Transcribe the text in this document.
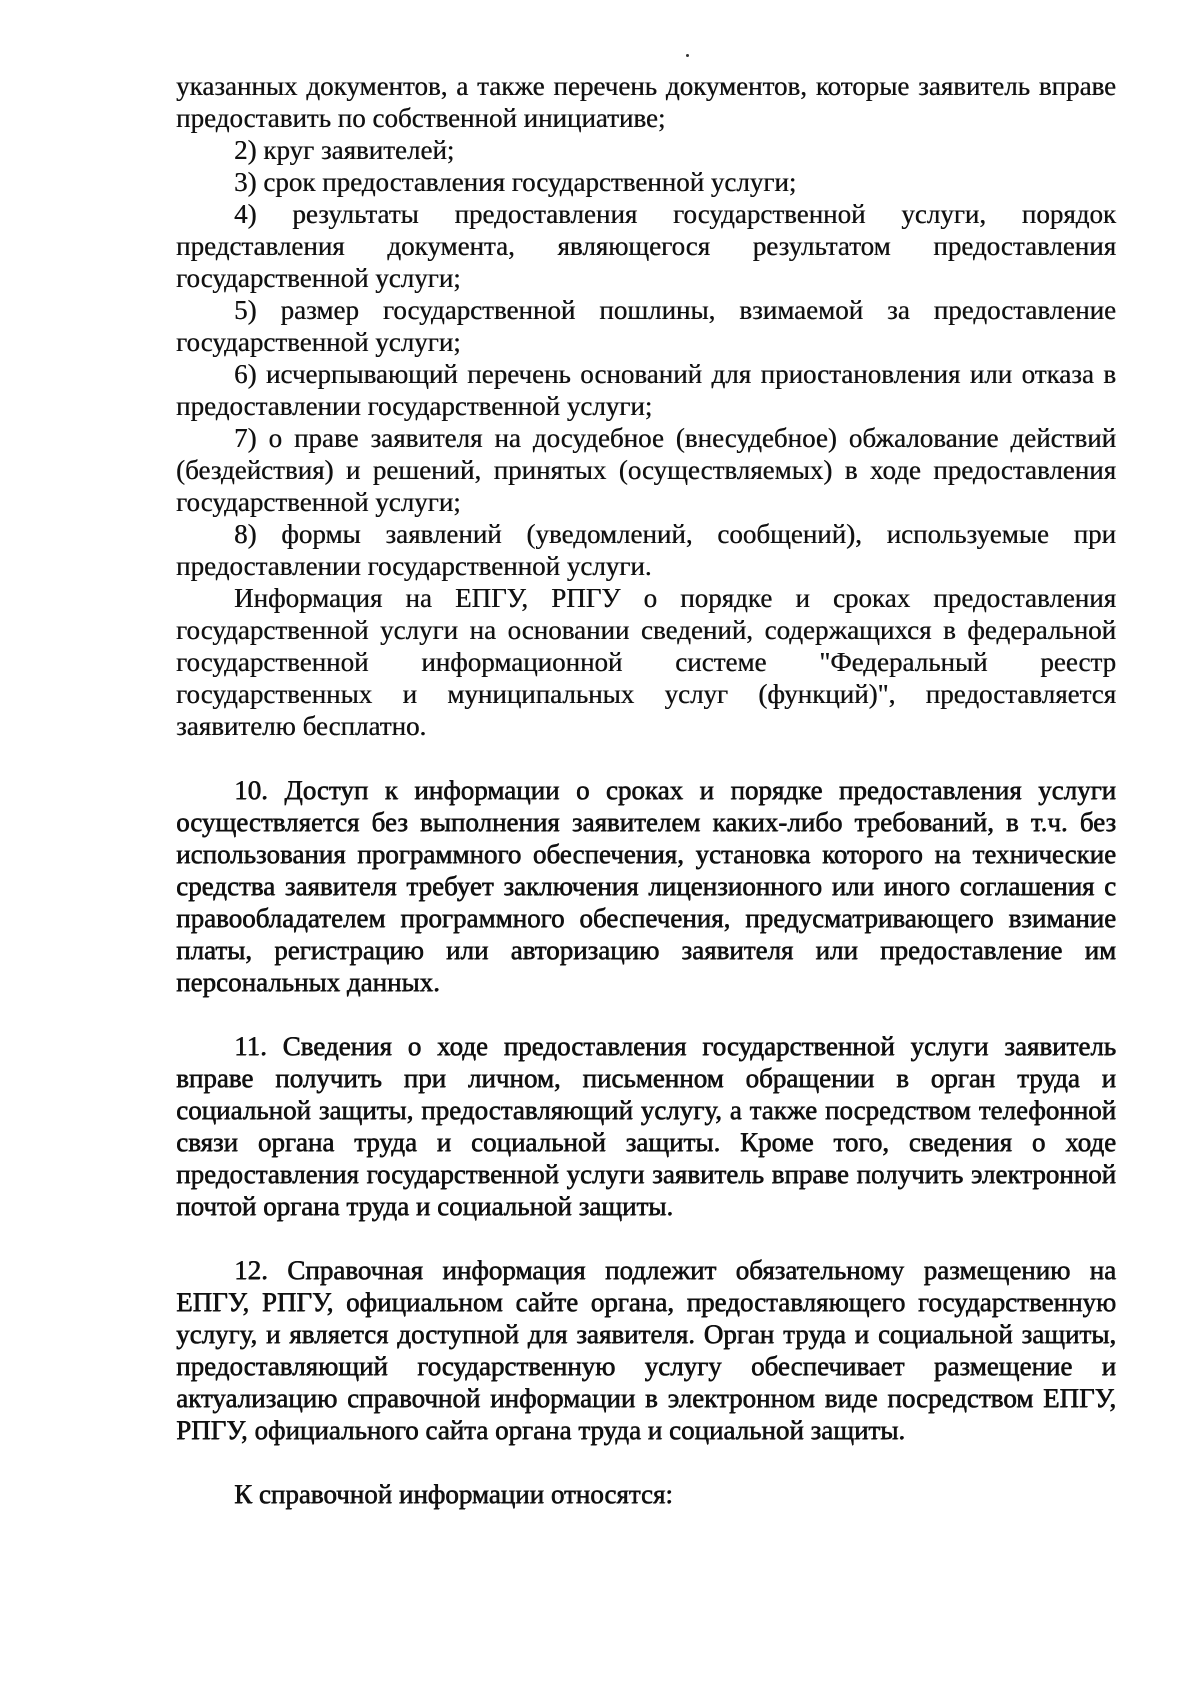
указанных документов, а также перечень документов, которые заявитель вправе предоставить по собственной инициативе;

2) круг заявителей;

3) срок предоставления государственной услуги;

4) результаты предоставления государственной услуги, порядок представления документа, являющегося результатом предоставления государственной услуги;

5) размер государственной пошлины, взимаемой за предоставление государственной услуги;

6) исчерпывающий перечень оснований для приостановления или отказа в предоставлении государственной услуги;

7) о праве заявителя на досудебное (внесудебное) обжалование действий (бездействия) и решений, принятых (осуществляемых) в ходе предоставления государственной услуги;

8) формы заявлений (уведомлений, сообщений), используемые при предоставлении государственной услуги.

Информация на ЕПГУ, РПГУ о порядке и сроках предоставления государственной услуги на основании сведений, содержащихся в федеральной государственной информационной системе "Федеральный реестр государственных и муниципальных услуг (функций)", предоставляется заявителю бесплатно.

10. Доступ к информации о сроках и порядке предоставления услуги осуществляется без выполнения заявителем каких-либо требований, в т.ч. без использования программного обеспечения, установка которого на технические средства заявителя требует заключения лицензионного или иного соглашения с правообладателем программного обеспечения, предусматривающего взимание платы, регистрацию или авторизацию заявителя или предоставление им персональных данных.

11. Сведения о ходе предоставления государственной услуги заявитель вправе получить при личном, письменном обращении в орган труда и социальной защиты, предоставляющий услугу, а также посредством телефонной связи органа труда и социальной защиты. Кроме того, сведения о ходе предоставления государственной услуги заявитель вправе получить электронной почтой органа труда и социальной защиты.

12. Справочная информация подлежит обязательному размещению на ЕПГУ, РПГУ, официальном сайте органа, предоставляющего государственную услугу, и является доступной для заявителя. Орган труда и социальной защиты, предоставляющий государственную услугу обеспечивает размещение и актуализацию справочной информации в электронном виде посредством ЕПГУ, РПГУ, официального сайта органа труда и социальной защиты.

К справочной информации относятся:
